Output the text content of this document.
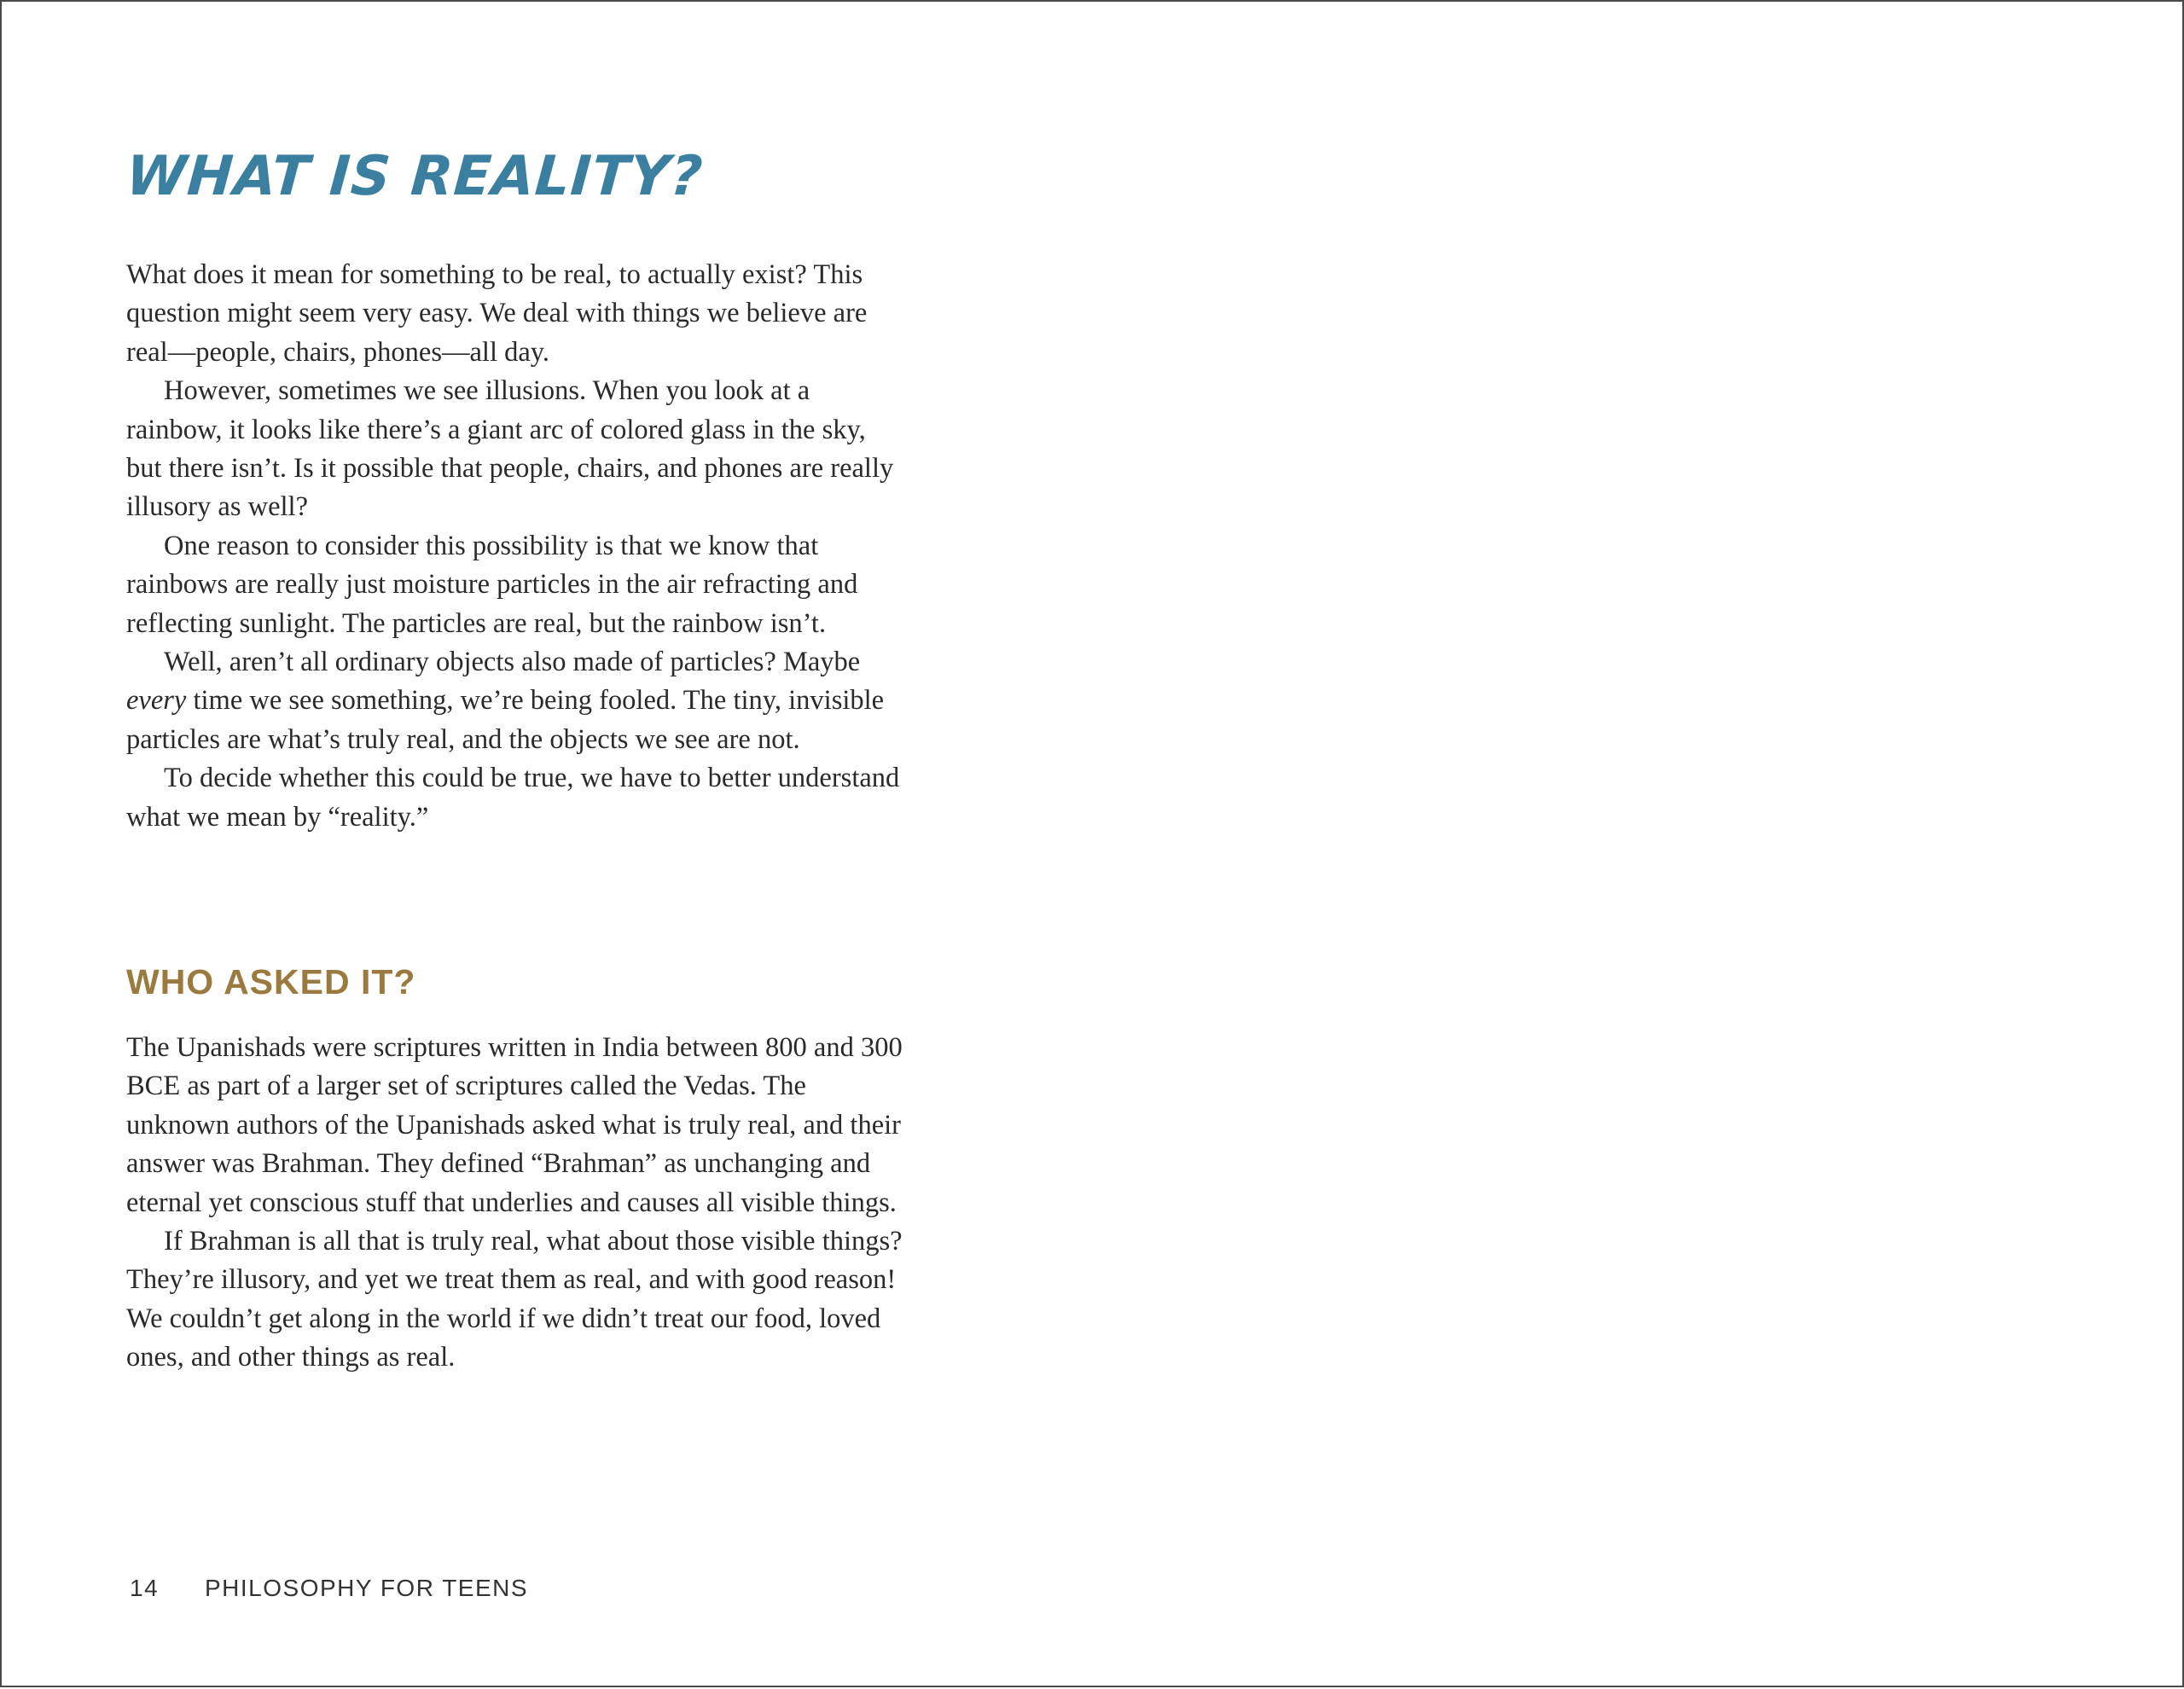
WHAT IS REALITY?

What does it mean for something to be real, to actually exist? This question might seem very easy. We deal with things we believe are real—people, chairs, phones—all day.

However, sometimes we see illusions. When you look at a rainbow, it looks like there’s a giant arc of colored glass in the sky, but there isn’t. Is it possible that people, chairs, and phones are really illusory as well?

One reason to consider this possibility is that we know that rainbows are really just moisture particles in the air refracting and reflecting sunlight. The particles are real, but the rainbow isn’t.

Well, aren’t all ordinary objects also made of particles? Maybe every time we see something, we’re being fooled. The tiny, invisible particles are what’s truly real, and the objects we see are not.

To decide whether this could be true, we have to better understand what we mean by “reality.”

WHO ASKED IT?

The Upanishads were scriptures written in India between 800 and 300 BCE as part of a larger set of scriptures called the Vedas. The unknown authors of the Upanishads asked what is truly real, and their answer was Brahman. They defined “Brahman” as unchanging and eternal yet conscious stuff that underlies and causes all visible things.

If Brahman is all that is truly real, what about those visible things? They’re illusory, and yet we treat them as real, and with good reason! We couldn’t get along in the world if we didn’t treat our food, loved ones, and other things as real.

14 PHILOSOPHY FOR TEENS
